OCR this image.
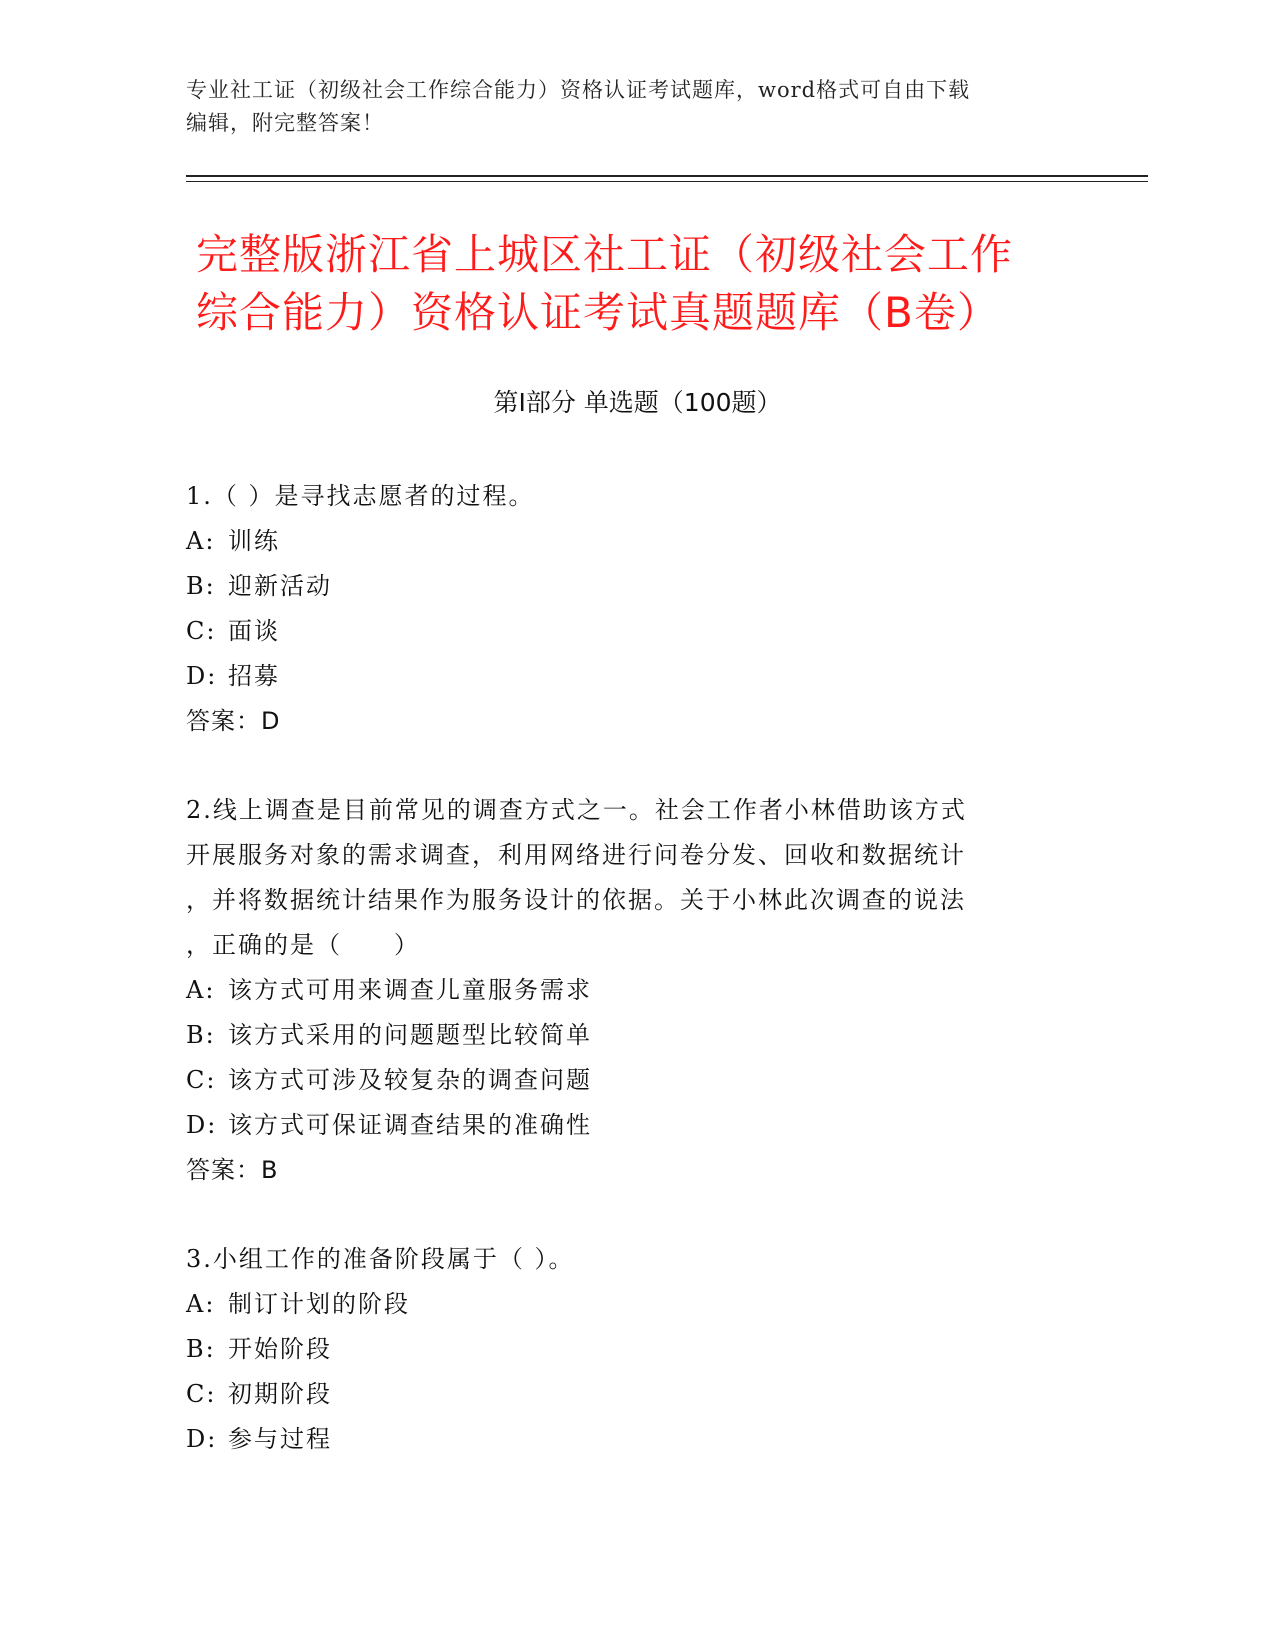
专业社工证（初级社会工作综合能力）资格认证考试题库，word格式可自由下载
编辑，附完整答案！
完整版浙江省上城区社工证（初级社会工作
综合能力）资格认证考试真题题库（B卷）
第I部分 单选题（100题）
1.（ ）是寻找志愿者的过程。
A: 训练
B: 迎新活动
C: 面谈
D: 招募
答案：D
2.线上调查是目前常见的调查方式之一。社会工作者小林借助该方式
开展服务对象的需求调查，利用网络进行问卷分发、回收和数据统计
，并将数据统计结果作为服务设计的依据。关于小林此次调查的说法
，正确的是（　　）
A: 该方式可用来调查儿童服务需求
B: 该方式采用的问题题型比较简单
C: 该方式可涉及较复杂的调查问题
D: 该方式可保证调查结果的准确性
答案：B
3.小组工作的准备阶段属于（ ）。
A: 制订计划的阶段
B: 开始阶段
C: 初期阶段
D: 参与过程
